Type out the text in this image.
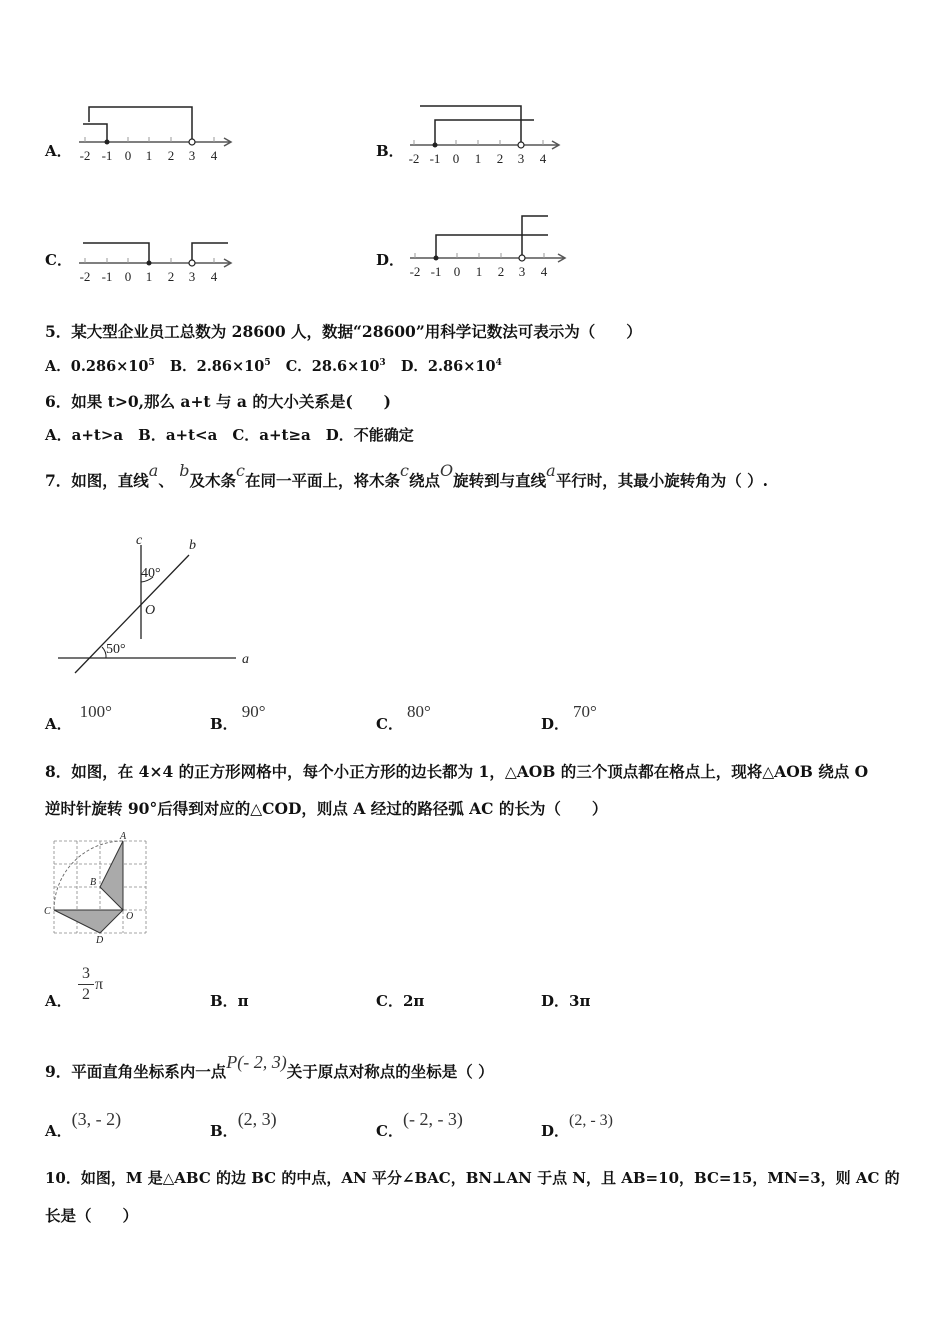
A． -2 -1 0 1 2 3 4	B． -2 -1 0 1 2 3 4
C．
-2 -1 0 1 2 3 4
D．
-2 -1 0 1 2 3 4
5．某大型企业员工总数为 28600 人，数据“28600”用科学记数法可表示为（　　）
A．$0.286\times 10^5$ B．$2.86\times 10^5$ C．$28.6\times 10^3$ D．$2.86\times 10^4$
6．如果 t>0,那么 a+t 与 a 的大小关系是(　　)
A．a+t>a　B．a+t<a　C．a+t≥a　D．不能确定
7．如图，直线a、 b及木条c在同一平面上，将木条c绕点O旋转到与直线a平行时，其最小旋转角为（ ）.
c	b
a
O
40°
50°
A．100°
B．90°
C．80°
D．70°
8．如图，在 4×4 的正方形网格中，每个小正方形的边长都为 1，△AOB 的三个顶点都在格点上，现将△AOB 绕点 O
逆时针旋转 90°后得到对应的△COD，则点 A 经过的路径弧 AC 的长为（　　）
A
B
C
D
O
A．
3
2
π
B．π	C．2π	D．3π
9．平面直角坐标系内一点P(- 2, 3)关于原点对称点的坐标是（ ）
A．(3, - 2)
B．(2, 3)
C．(- 2, - 3)
D．(2, - 3)
10．如图，M 是△ABC 的边 BC 的中点，AN 平分∠BAC，BN⊥AN 于点 N，且 AB=10，BC=15，MN=3，则 AC 的
长是（　　）
